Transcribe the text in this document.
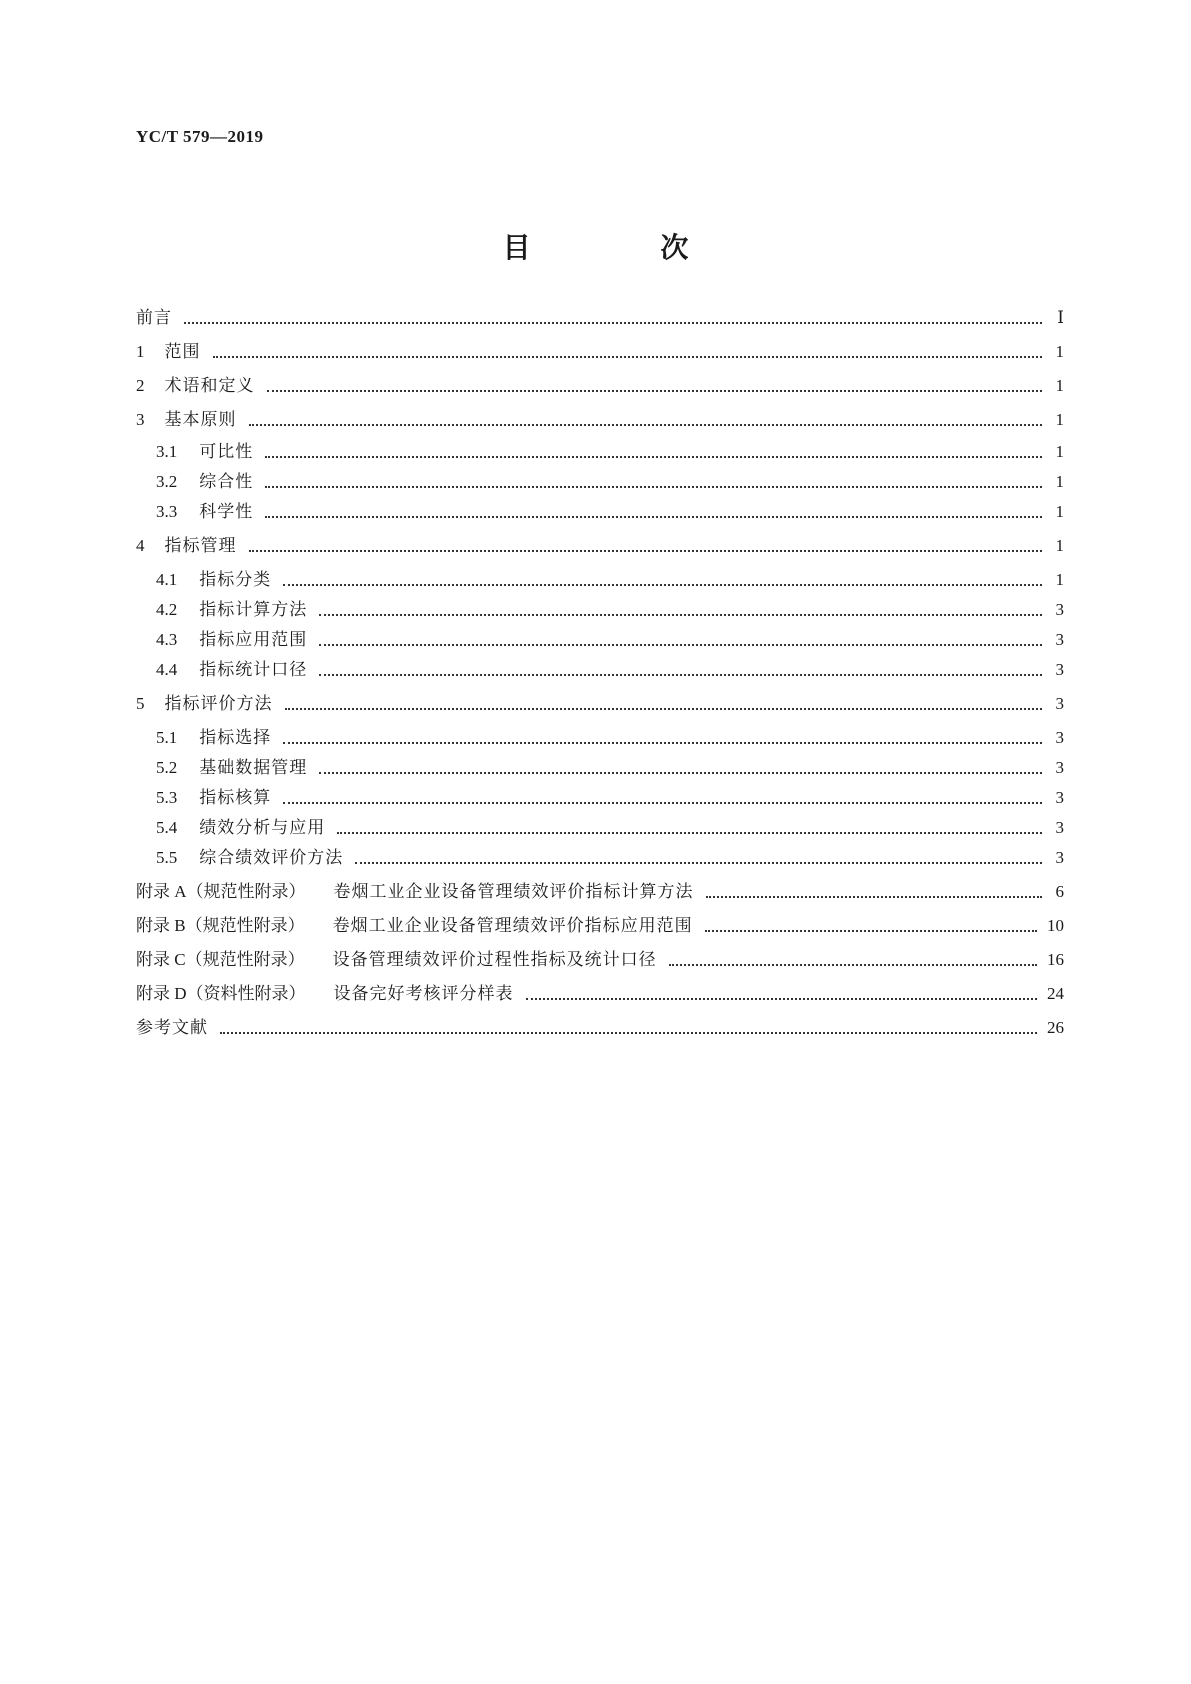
YC/T 579—2019
目 次
前言	Ⅰ
1 范围	1
2 术语和定义	1
3 基本原则	1
3.1 可比性	1
3.2 综合性	1
3.3 科学性	1
4 指标管理	1
4.1 指标分类	1
4.2 指标计算方法	3
4.3 指标应用范围	3
4.4 指标统计口径	3
5 指标评价方法	3
5.1 指标选择	3
5.2 基础数据管理	3
5.3 指标核算	3
5.4 绩效分析与应用	3
5.5 综合绩效评价方法	3
附录 A（规范性附录） 卷烟工业企业设备管理绩效评价指标计算方法	6
附录 B（规范性附录） 卷烟工业企业设备管理绩效评价指标应用范围	10
附录 C（规范性附录） 设备管理绩效评价过程性指标及统计口径	16
附录 D（资料性附录） 设备完好考核评分样表	24
参考文献	26
